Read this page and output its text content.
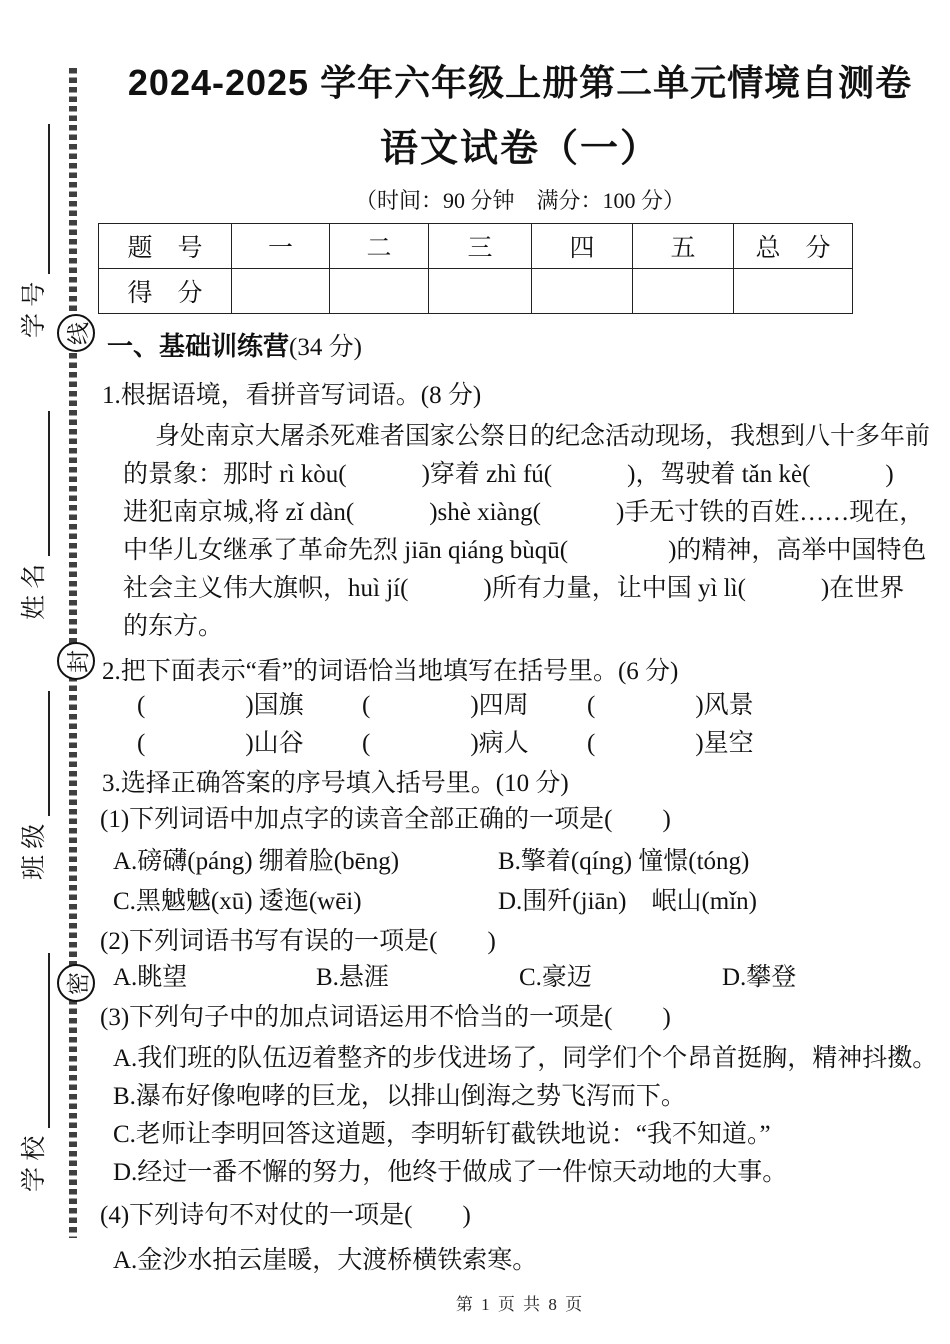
学 号
姓 名
班 级
学 校
线
封
密
2024-2025 学年六年级上册第二单元情境自测卷
语文试卷（一）
（时间：90 分钟　满分：100 分）
题　号	一	二	三	四	五	总　分
得　分						
一、基础训练营(34 分)
1.根据语境，看拼音写词语。(8 分)
身处南京大屠杀死难者国家公祭日的纪念活动现场，我想到八十多年前
的景象：那时 rì kòu(　　　)穿着 zhì fú(　　　)，驾驶着 tǎn kè(　　　)
进犯南京城,将 zǐ dàn(　　　)shè xiàng(　　　)手无寸铁的百姓……现在，
中华儿女继承了革命先烈 jiān qiáng bùqū(　　　　)的精神，高举中国特色
社会主义伟大旗帜，huì jí(　　　)所有力量，让中国 yì lì(　　　)在世界
的东方。
2.把下面表示“看”的词语恰当地填写在括号里。(6 分)
(　　　　)国旗	(　　　　)四周	(　　　　)风景
(　　　　)山谷	(　　　　)病人	(　　　　)星空
3.选择正确答案的序号填入括号里。(10 分)
(1)下列词语中加点字的读音全部正确的一项是(　　)
A.磅礴(páng) 绷着脸(bēng)	B.擎着(qíng) 憧憬(tóng)
C.黑魆魆(xū) 逶迤(wēi)	D.围歼(jiān)　岷山(mǐn)
(2)下列词语书写有误的一项是(　　)
A.眺望	B.悬涯	C.豪迈	D.攀登
(3)下列句子中的加点词语运用不恰当的一项是(　　)
A.我们班的队伍迈着整齐的步伐进场了，同学们个个昂首挺胸，精神抖擞。
B.瀑布好像咆哮的巨龙，以排山倒海之势飞泻而下。
C.老师让李明回答这道题，李明斩钉截铁地说：“我不知道。”
D.经过一番不懈的努力，他终于做成了一件惊天动地的大事。
(4)下列诗句不对仗的一项是(　　)
A.金沙水拍云崖暖，大渡桥横铁索寒。
第 1 页 共 8 页
